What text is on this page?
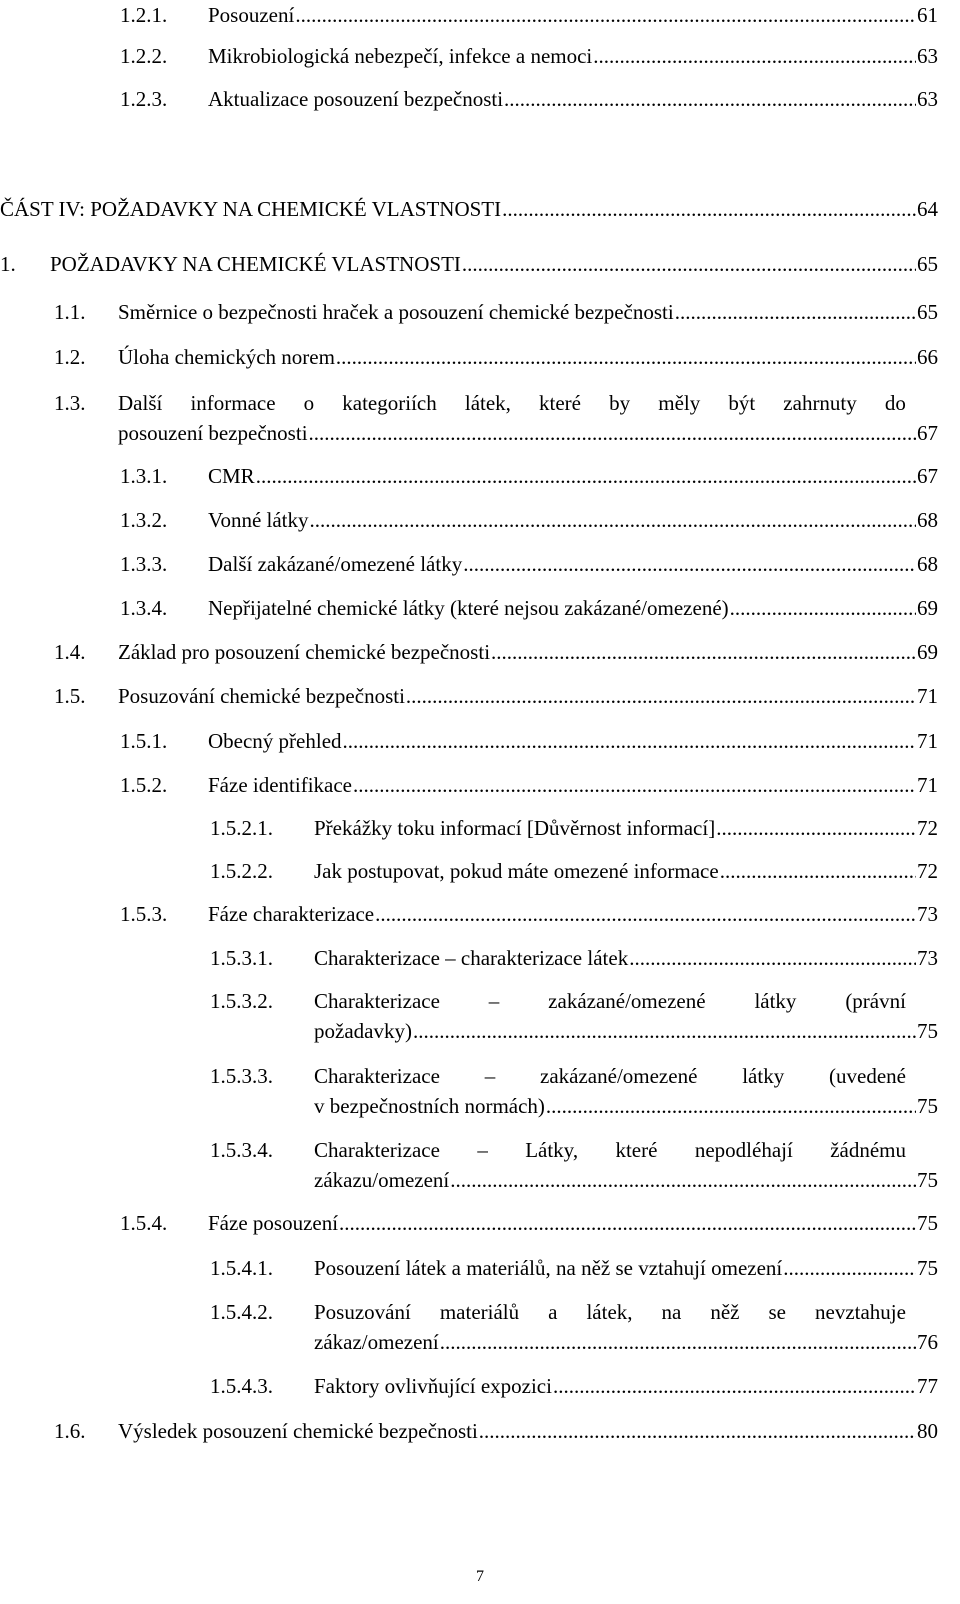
1.2.1.	Posouzení .....	61
1.2.2.	Mikrobiologická nebezpečí, infekce a nemoci .....	63
1.2.3.	Aktualizace posouzení bezpečnosti .....	63
ČÁST IV: POŽADAVKY NA CHEMICKÉ VLASTNOSTI .....	64
1.	POŽADAVKY NA CHEMICKÉ VLASTNOSTI .....	65
1.1.	Směrnice o bezpečnosti hraček a posouzení chemické bezpečnosti .....	65
1.2.	Úloha chemických norem .....	66
1.3.	Další informace o kategoriích látek, které by měly být zahrnuty do
posouzení bezpečnosti .....	67
1.3.1.	CMR .....	67
1.3.2.	Vonné látky .....	68
1.3.3.	Další zakázané/omezené látky .....	68
1.3.4.	Nepřijatelné chemické látky (které nejsou zakázané/omezené) .....	69
1.4.	Základ pro posouzení chemické bezpečnosti .....	69
1.5.	Posuzování chemické bezpečnosti .....	71
1.5.1.	Obecný přehled .....	71
1.5.2.	Fáze identifikace .....	71
1.5.2.1.	Překážky toku informací [Důvěrnost informací] .....	72
1.5.2.2.	Jak postupovat, pokud máte omezené informace .....	72
1.5.3.	Fáze charakterizace .....	73
1.5.3.1.	Charakterizace – charakterizace látek .....	73
1.5.3.2.	Charakterizace – zakázané/omezené látky (právní
požadavky) .....	75
1.5.3.3.	Charakterizace – zakázané/omezené látky (uvedené
v bezpečnostních normách) .....	75
1.5.3.4.	Charakterizace – Látky, které nepodléhají žádnému
zákazu/omezení .....	75
1.5.4.	Fáze posouzení .....	75
1.5.4.1.	Posouzení látek a materiálů, na něž se vztahují omezení .....	75
1.5.4.2.	Posuzování materiálů a látek, na něž se nevztahuje
zákaz/omezení .....	76
1.5.4.3.	Faktory ovlivňující expozici .....	77
1.6.	Výsledek posouzení chemické bezpečnosti .....	80
7
